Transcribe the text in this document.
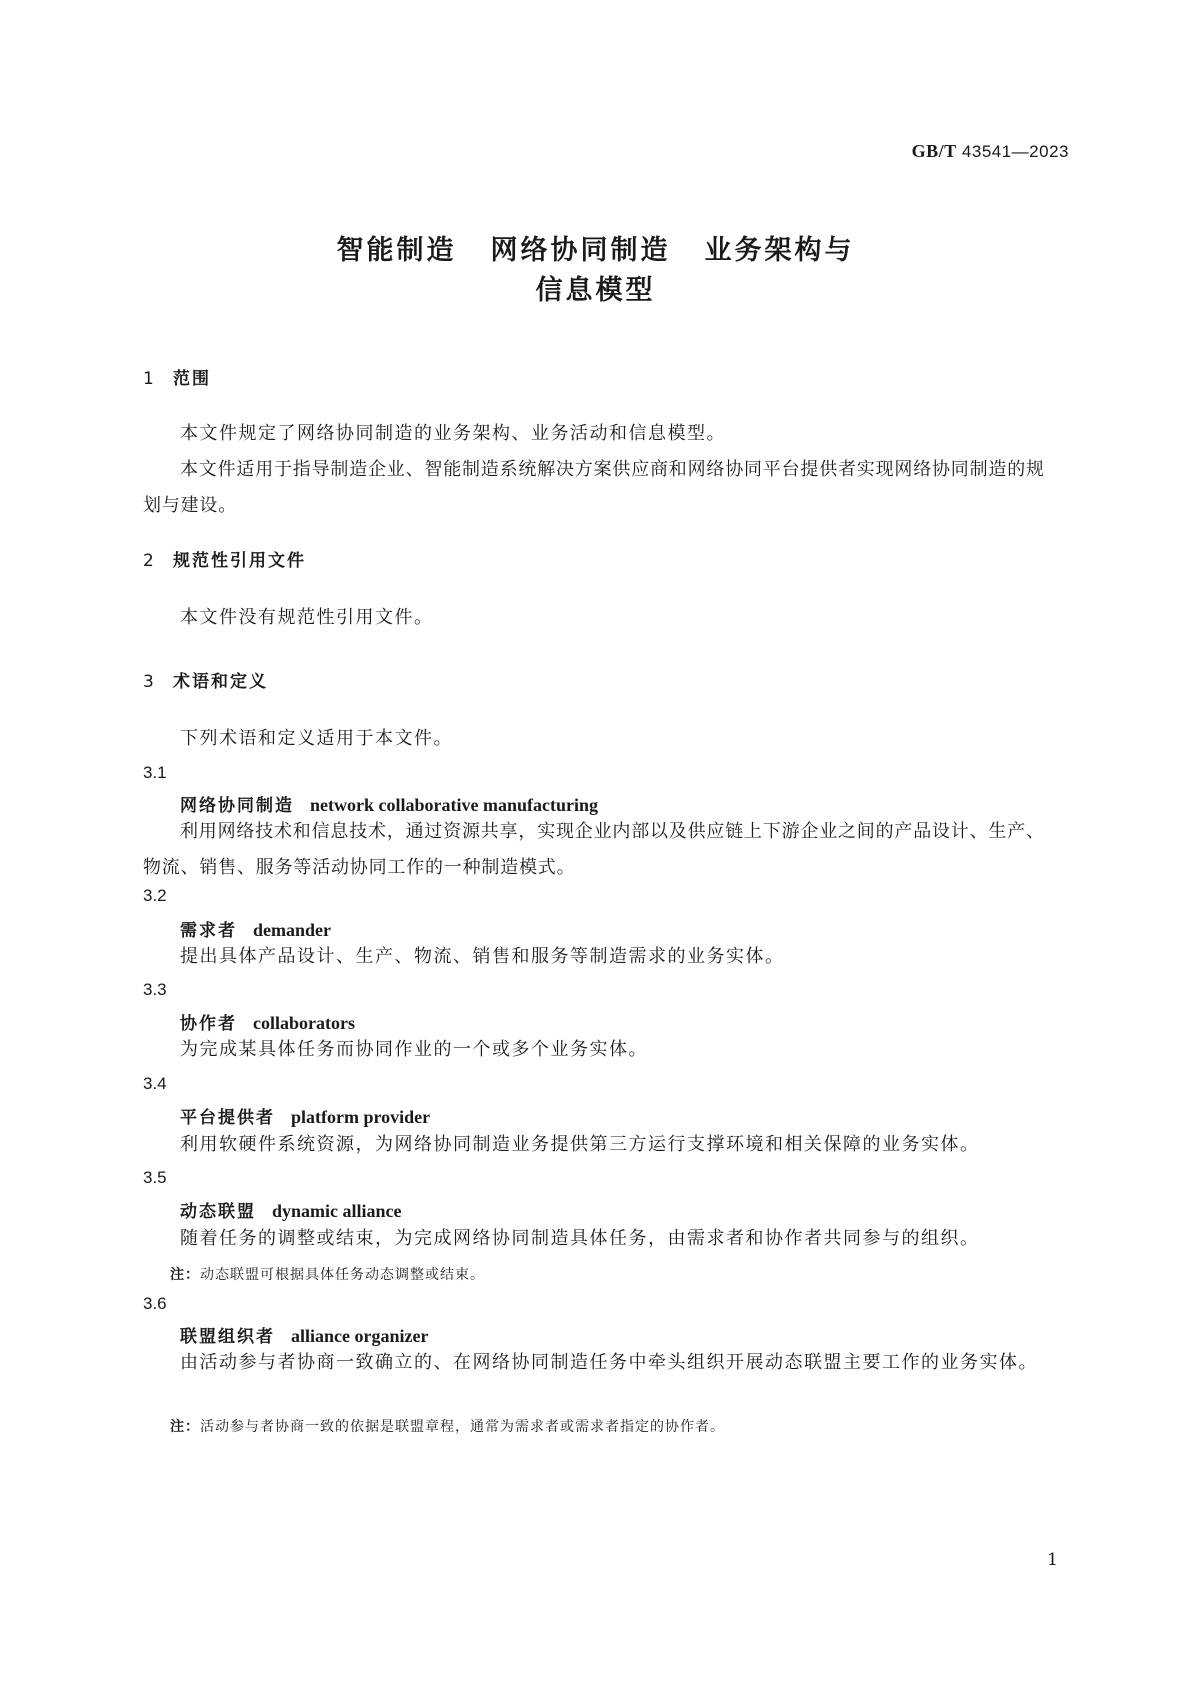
GB/T 43541—2023
智能制造 网络协同制造 业务架构与
信息模型
1 范围

本文件规定了网络协同制造的业务架构、业务活动和信息模型。

本文件适用于指导制造企业、智能制造系统解决方案供应商和网络协同平台提供者实现网络协同制造的规划与建设。

2 规范性引用文件

本文件没有规范性引用文件。

3 术语和定义

下列术语和定义适用于本文件。

3.1
网络协同制造 network collaborative manufacturing

利用网络技术和信息技术，通过资源共享，实现企业内部以及供应链上下游企业之间的产品设计、生产、物流、销售、服务等活动协同工作的一种制造模式。

3.2
需求者 demander

提出具体产品设计、生产、物流、销售和服务等制造需求的业务实体。

3.3
协作者 collaborators

为完成某具体任务而协同作业的一个或多个业务实体。

3.4
平台提供者 platform provider

利用软硬件系统资源，为网络协同制造业务提供第三方运行支撑环境和相关保障的业务实体。

3.5
动态联盟 dynamic alliance

随着任务的调整或结束，为完成网络协同制造具体任务，由需求者和协作者共同参与的组织。

注：动态联盟可根据具体任务动态调整或结束。
3.6
联盟组织者 alliance organizer

由活动参与者协商一致确立的、在网络协同制造任务中牵头组织开展动态联盟主要工作的业务实体。

注：活动参与者协商一致的依据是联盟章程，通常为需求者或需求者指定的协作者。
1
